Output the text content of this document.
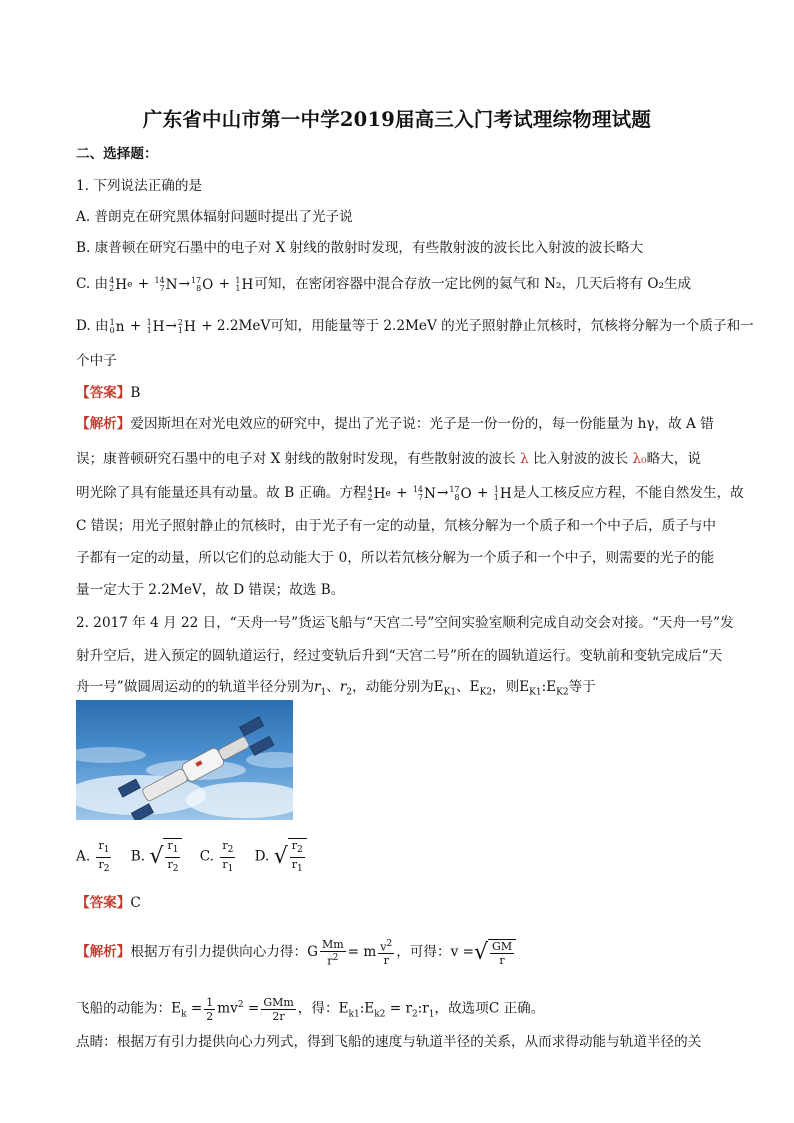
广东省中山市第一中学2019届高三入门考试理综物理试题
二、选择题：
1. 下列说法正确的是
A. 普朗克在研究黑体辐射问题时提出了光子说
B. 康普顿在研究石墨中的电子对 X 射线的散射时发现，有些散射波的波长比入射波的波长略大
C. 由 4
2 H e + 14
7 N→ 17
8 O + 1
1 H可知，在密闭容器中混合存放一定比例的氦气和 N₂，几天后将有 O₂生成
D. 由 1
0 n + 1
1 H→ 2
1 H + 2.2MeV可知，用能量等于 2.2MeV 的光子照射静止氘核时，氘核将分解为一个质子和一
个中子
【答案】B
【解析】爱因斯坦在对光电效应的研究中，提出了光子说：光子是一份一份的，每一份能量为 hγ，故 A 错
误；康普顿研究石墨中的电子对 X 射线的散射时发现，有些散射波的波长 λ 比入射波的波长 λ₀略大，说
明光除了具有能量还具有动量。故 B 正确。方程 4
2 H e + 14
7 N→ 17
8 O + 1
1 H是人工核反应方程，不能自然发生，故
C 错误；用光子照射静止的氘核时，由于光子有一定的动量，氘核分解为一个质子和一个中子后，质子与中
子都有一定的动量，所以它们的总动能大于 0，所以若氘核分解为一个质子和一个中子，则需要的光子的能
量一定大于 2.2MeV，故 D 错误；故选 B。
2. 2017 年 4 月 22 日，“天舟一号”货运飞船与“天宫二号”空间实验室顺利完成自动交会对接。“天舟一号”发
射升空后，进入预定的圆轨道运行，经过变轨后升到“天宫二号”所在的圆轨道运行。变轨前和变轨完成后“天
舟一号”做圆周运动的的轨道半径分别为$r_1$、$r_2$，动能分别为$E_{K1}$、$E_{K2}$，则$E_{K1}:E_{K2}$等于
A. $\frac{r_1}{r_2} B$. √ $\frac{r_1}{r_2} C$. $\frac{r_2}{r_1} D$. √ $\frac{r_2}{r_1}$
【答案】C
【解析】根据万有引力提供向心力得：G $\frac{Mm}{r^2} = m \frac{v^2}{r}$ ，可得：v = √ $\frac{GM}{r}$
飞船的动能为：$E_k = \frac{1}{2} mv^2 = \frac{\text{GMm}}{2r}$ ，得：$E_{k1}:E_{k2}$ = $r_2:r_1$，故选项C 正确。
点睛：根据万有引力提供向心力列式，得到飞船的速度与轨道半径的关系，从而求得动能与轨道半径的关
